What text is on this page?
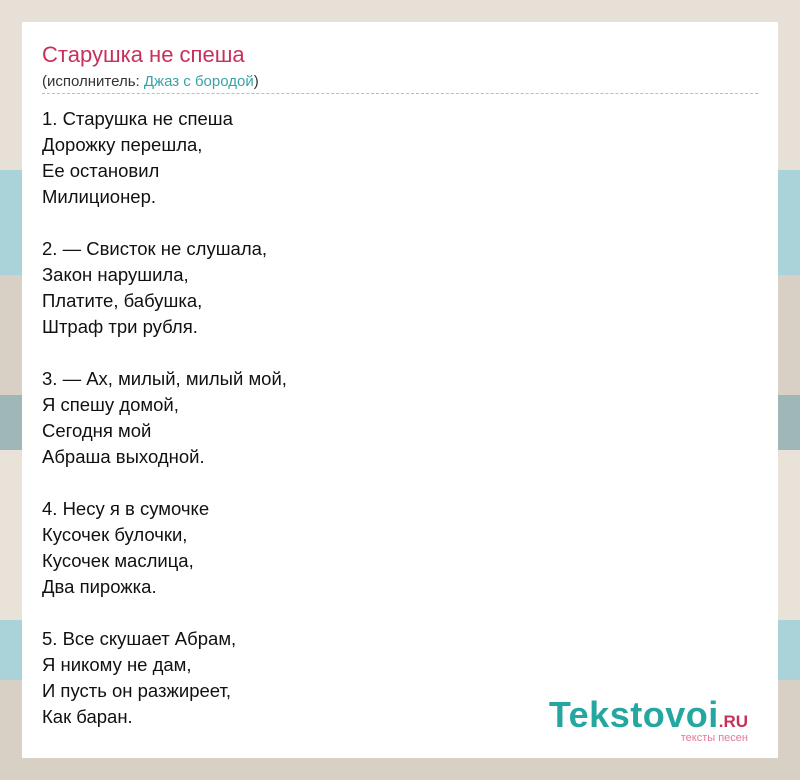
Старушка не спеша
(исполнитель: Джаз с бородой)
1. Старушка не спеша
Дорожку перешла,
Ее остановил
Милиционер.
2. — Свисток не слушала,
Закон нарушила,
Платите, бабушка,
Штраф три рубля.
3. — Ах, милый, милый мой,
Я спешу домой,
Сегодня мой
Абраша выходной.
4. Несу я в сумочке
Кусочек булочки,
Кусочек маслица,
Два пирожка.
5. Все скушает Абрам,
Я никому не дам,
И пусть он разжиреет,
Как баран.	Tekstovoi.RU
тексты песен
